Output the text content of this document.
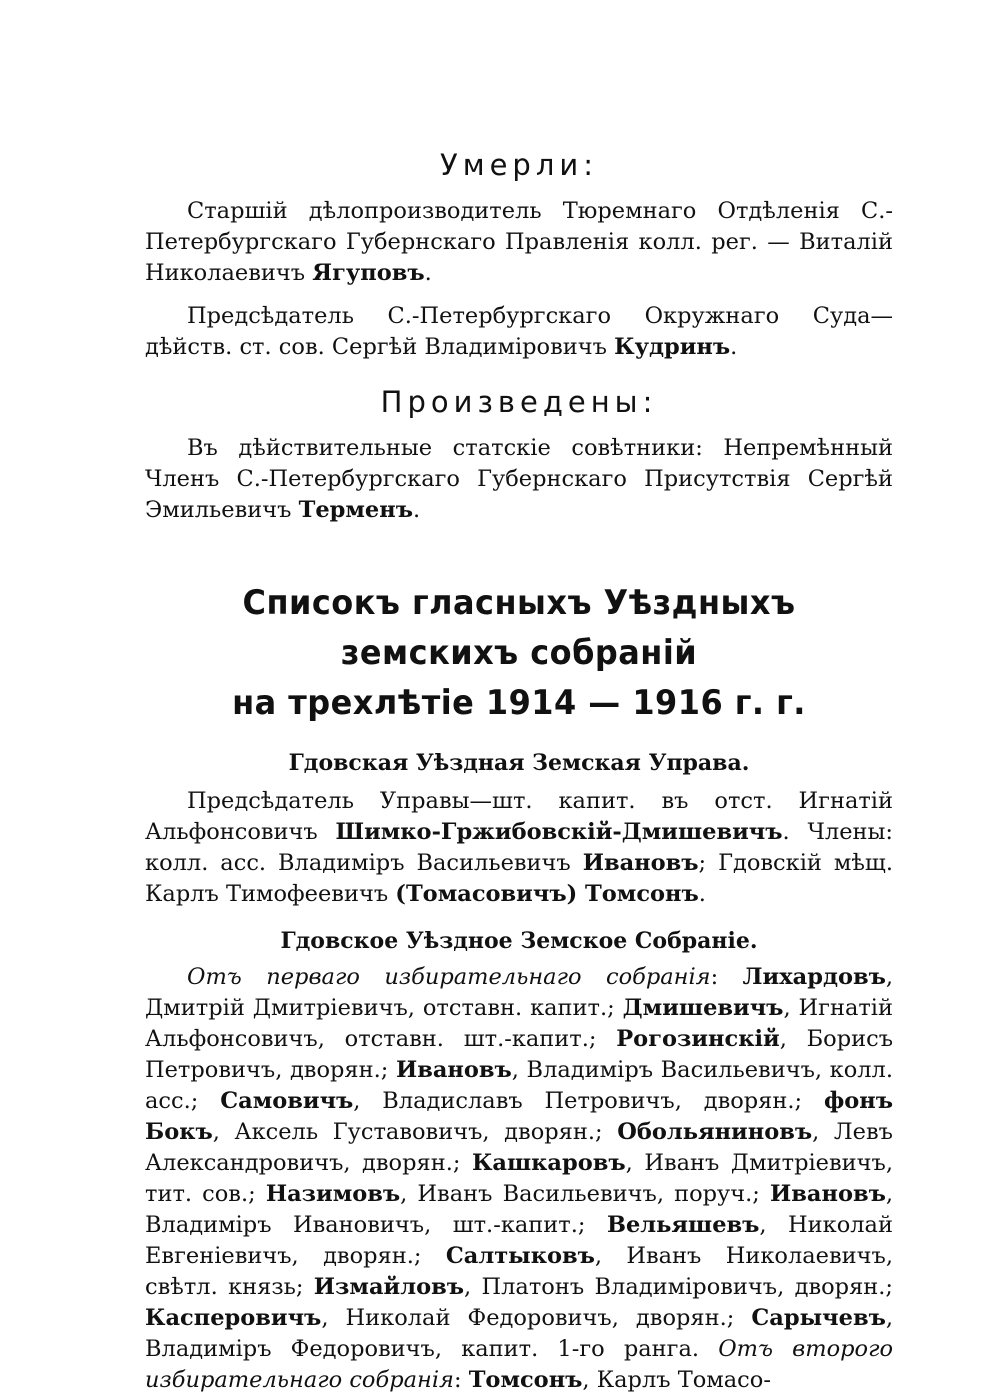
Умерли:

Старшій дѣлопроизводитель Тюремнаго Отдѣленія С.-Петербургскаго Губернскаго Правленія колл. рег. — Виталій Николаевичъ Ягуповъ.

Предсѣдатель С.-Петербургскаго Окружнаго Суда—дѣйств. ст. сов. Сергѣй Владиміровичъ Кудринъ.

Произведены:

Въ дѣйствительные статскіе совѣтники: Непремѣнный Членъ С.-Петербургскаго Губернскаго Присутствія Сергѣй Эмильевичъ Терменъ.

Списокъ гласныхъ Уѣздныхъ земскихъ собраній
на трехлѣтіе 1914 — 1916 г. г.
Гдовская Уѣздная Земская Управа.

Предсѣдатель Управы—шт. капит. въ отст. Игнатій Альфонсовичъ Шимко-Гржибовскій-Дмишевичъ. Члены: колл. асс. Владиміръ Васильевичъ Ивановъ; Гдовскій мѣщ. Карлъ Тимофеевичъ (Томасовичъ) Томсонъ.

Гдовское Уѣздное Земское Собраніе.

Отъ перваго избирательнаго собранія: Лихардовъ, Дмитрій Дмитріевичъ, отставн. капит.; Дмишевичъ, Игнатій Альфонсовичъ, отставн. шт.-капит.; Рогозинскій, Борисъ Петровичъ, дворян.; Ивановъ, Владиміръ Васильевичъ, колл. асс.; Самовичъ, Владиславъ Петровичъ, дворян.; фонъ Бокъ, Аксель Густавовичъ, дворян.; Обольяниновъ, Левъ Александровичъ, дворян.; Кашкаровъ, Иванъ Дмитріевичъ, тит. сов.; Назимовъ, Иванъ Васильевичъ, поруч.; Ивановъ, Владиміръ Ивановичъ, шт.-капит.; Вельяшевъ, Николай Евгеніевичъ, дворян.; Салтыковъ, Иванъ Николаевичъ, свѣтл. князь; Измайловъ, Платонъ Владиміровичъ, дворян.; Касперовичъ, Николай Федоровичъ, дворян.; Сарычевъ, Владиміръ Федоровичъ, капит. 1-го ранга. Отъ второго избирательнаго собранія: Томсонъ, Карлъ Томасо-
